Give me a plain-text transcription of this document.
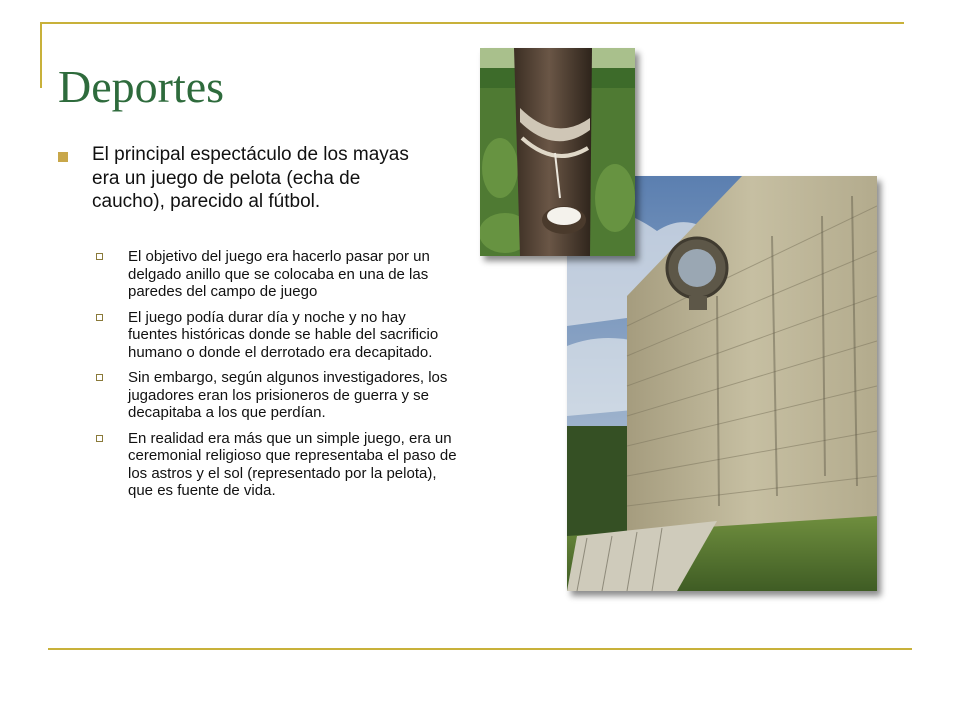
Deportes
El principal espectáculo de los mayas era un juego de pelota (echa de caucho), parecido al fútbol.
El objetivo del juego era hacerlo pasar por un delgado anillo que se colocaba en una de las paredes del campo de juego
El juego podía durar día y noche y no hay fuentes históricas donde se hable del sacrificio humano o donde el derrotado era decapitado.
Sin embargo, según algunos investigadores, los jugadores eran los prisioneros de guerra y se decapitaba a los que perdían.
En realidad era más que un simple juego, era un ceremonial religioso que representaba el paso de los astros y el sol (representado por la pelota), que es fuente de vida.
